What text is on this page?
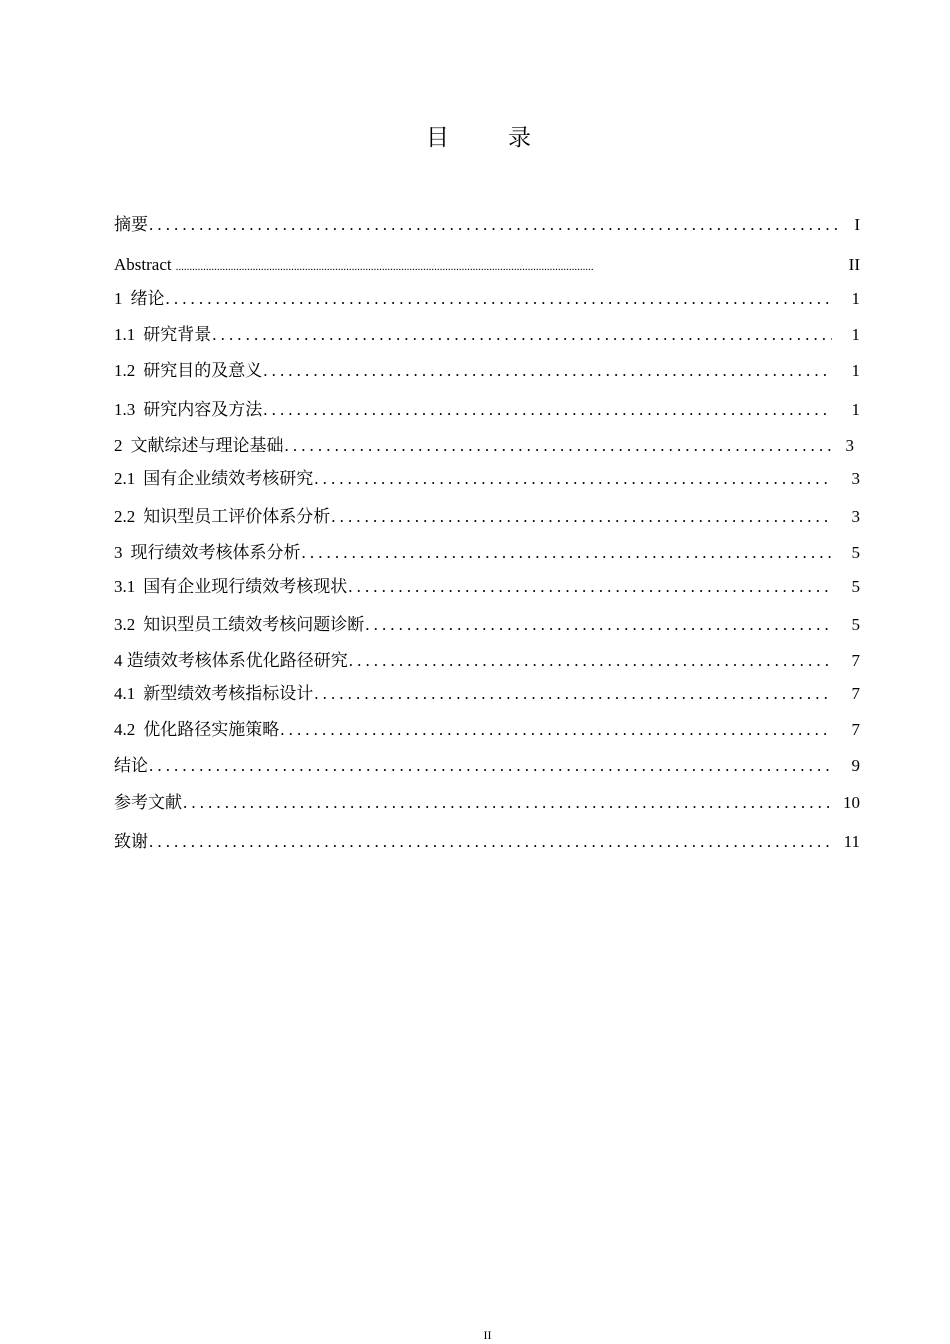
目　录
摘要 .....	I
Abstract .....	II
1 绪论 .....	1
1.1 研究背景 .....	1
1.2 研究目的及意义 .....	1
1.3 研究内容及方法 .....	1
2 文献综述与理论基础 .....	3
2.1 国有企业绩效考核研究 .....	3
2.2 知识型员工评价体系分析 .....	3
3 现行绩效考核体系分析 .....	5
3.1 国有企业现行绩效考核现状 .....	5
3.2 知识型员工绩效考核问题诊断 .....	5
4 造绩效考核体系优化路径研究 .....	7
4.1 新型绩效考核指标设计 .....	7
4.2 优化路径实施策略 .....	7
结论 .....	9
参考文献 .....	10
致谢 .....	11
II
